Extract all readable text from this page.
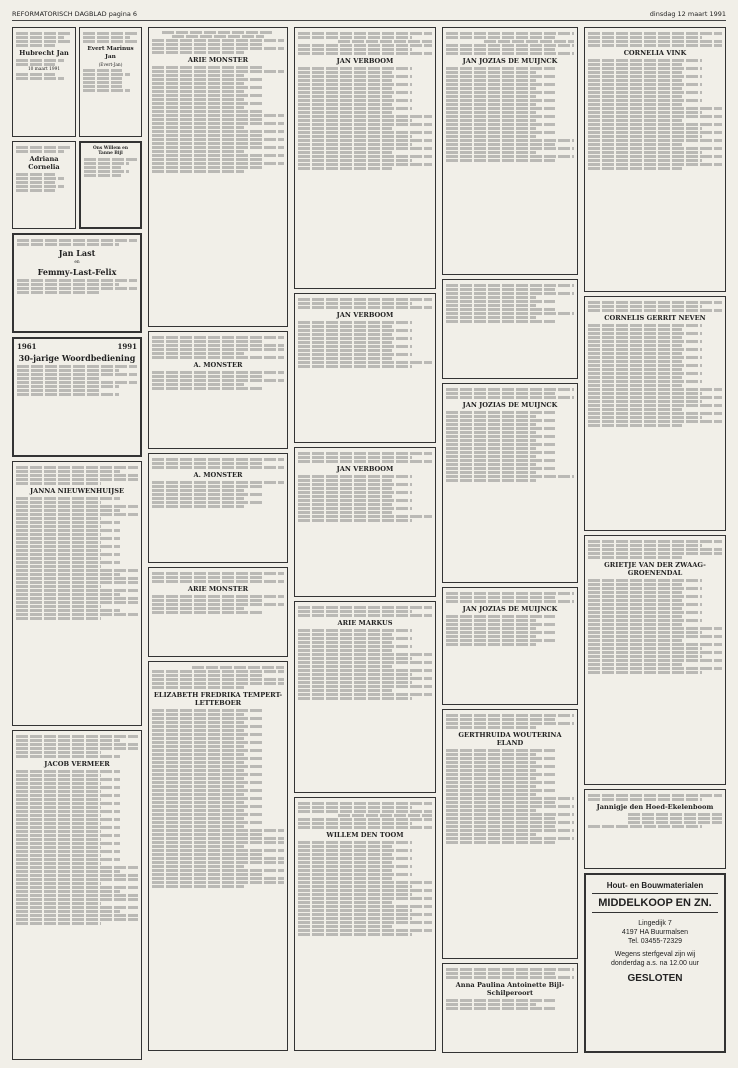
REFORMATORISCH DAGBLAD pagina 6	dinsdag 12 maart 1991
Hubrecht Jan
10 maart 1991
Evert Marinus Jan
(Evert-Jan)
Adriana Cornelia
Ons Willem en
Tanne Bijl
Jan Last
en
Femmy-Last-Felix
1961	1991
30-jarige Woordbediening
JANNA NIEUWENHUIJSE
JACOB VERMEER
ARIE MONSTER
A. MONSTER
A. MONSTER
ARIE MONSTER
ELIZABETH FREDRIKA TEMPERT-LETTEBOER
JAN VERBOOM
JAN VERBOOM
JAN VERBOOM
ARIE MARKUS
WILLEM DEN TOOM
JAN JOZIAS DE MUIJNCK
JAN JOZIAS DE MUIJNCK
JAN JOZIAS DE MUIJNCK
GERTHRUIDA WOUTERINA ELAND
Anna Paulina Antoinette Bijl-Schilperoort
CORNELIA VINK
CORNELIS GERRIT NEVEN
GRIETJE VAN DER ZWAAG-GROENENDAL
Jannigje den Hoed-Ekelenboom
Hout- en Bouwmaterialen
MIDDELKOOP EN ZN.
Lingedijk 7
4197 HA Buurmalsen
Tel. 03455-72329
Wegens sterfgeval zijn wij
donderdag a.s. na 12.00 uur
GESLOTEN
